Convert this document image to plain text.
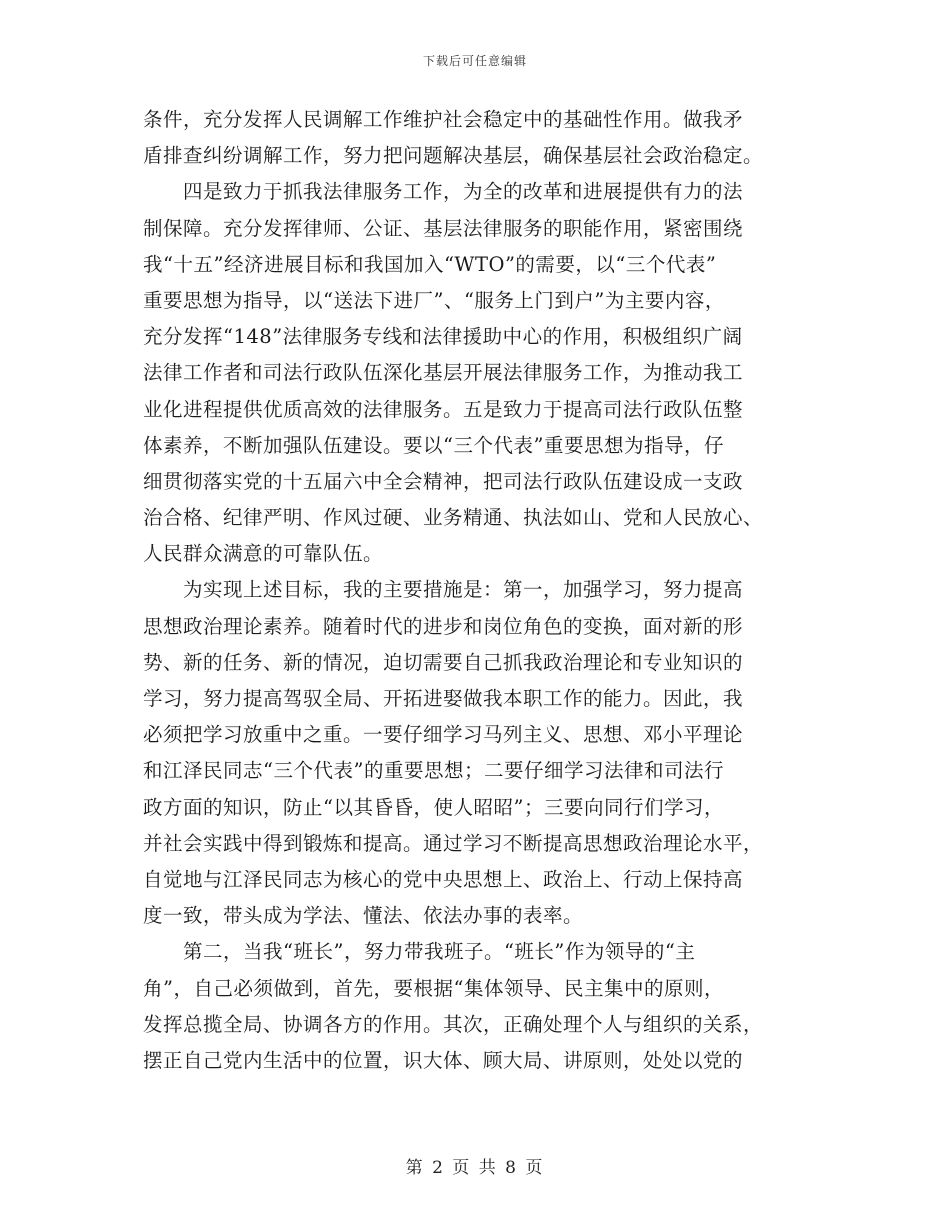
下载后可任意编辑
条件，充分发挥人民调解工作维护社会稳定中的基础性作用。做我矛
盾排查纠纷调解工作，努力把问题解决基层，确保基层社会政治稳定。
　　四是致力于抓我法律服务工作，为全的改革和进展提供有力的法
制保障。充分发挥律师、公证、基层法律服务的职能作用，紧密围绕
我“十五”经济进展目标和我国加入“WTO”的需要，以“三个代表”
重要思想为指导，以“送法下进厂”、“服务上门到户”为主要内容，
充分发挥“148”法律服务专线和法律援助中心的作用，积极组织广阔
法律工作者和司法行政队伍深化基层开展法律服务工作，为推动我工
业化进程提供优质高效的法律服务。五是致力于提高司法行政队伍整
体素养，不断加强队伍建设。要以“三个代表”重要思想为指导，仔
细贯彻落实党的十五届六中全会精神，把司法行政队伍建设成一支政
治合格、纪律严明、作风过硬、业务精通、执法如山、党和人民放心、
人民群众满意的可靠队伍。
　　为实现上述目标，我的主要措施是：第一，加强学习，努力提高
思想政治理论素养。随着时代的进步和岗位角色的变换，面对新的形
势、新的任务、新的情况，迫切需要自己抓我政治理论和专业知识的
学习，努力提高驾驭全局、开拓进娶做我本职工作的能力。因此，我
必须把学习放重中之重。一要仔细学习马列主义、思想、邓小平理论
和江泽民同志“三个代表”的重要思想；二要仔细学习法律和司法行
政方面的知识，防止“以其昏昏，使人昭昭”；三要向同行们学习，
并社会实践中得到锻炼和提高。通过学习不断提高思想政治理论水平，
自觉地与江泽民同志为核心的党中央思想上、政治上、行动上保持高
度一致，带头成为学法、懂法、依法办事的表率。
　　第二，当我“班长”，努力带我班子。“班长”作为领导的“主
角”，自己必须做到，首先，要根据“集体领导、民主集中的原则，
发挥总揽全局、协调各方的作用。其次，正确处理个人与组织的关系，
摆正自己党内生活中的位置，识大体、顾大局、讲原则，处处以党的
第 2 页 共 8 页
